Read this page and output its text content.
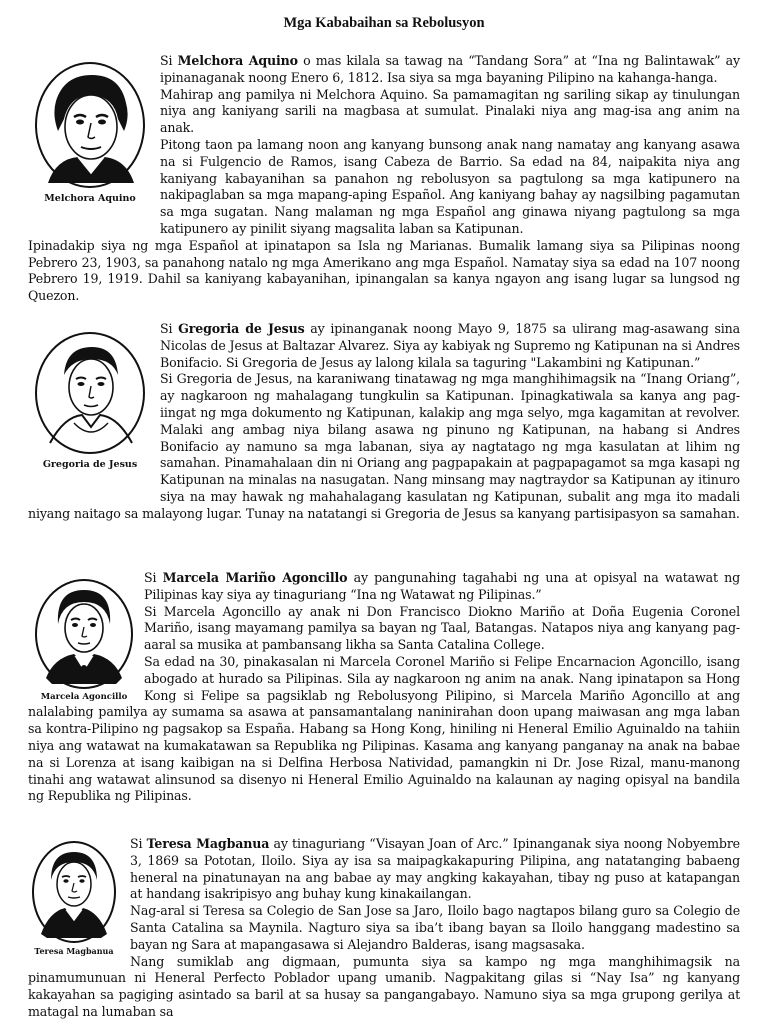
Mga Kababaihan sa Rebolusyon
Melchora Aquino

Si Melchora Aquino o mas kilala sa tawag na “Tandang Sora” at “Ina ng Balintawak” ay ipinanaganak noong Enero 6, 1812. Isa siya sa mga bayaning Pilipino na kahanga-hanga.

Mahirap ang pamilya ni Melchora Aquino. Sa pamamagitan ng sariling sikap ay tinulungan niya ang kaniyang sarili na magbasa at sumulat. Pinalaki niya ang mag-isa ang anim na anak.

Pitong taon pa lamang noon ang kanyang bunsong anak nang namatay ang kanyang asawa na si Fulgencio de Ramos, isang Cabeza de Barrio. Sa edad na 84, naipakita niya ang kaniyang kabayanihan sa panahon ng rebolusyon sa pagtulong sa mga katipunero na nakipaglaban sa mga mapang-aping Español. Ang kaniyang bahay ay nagsilbing pagamutan sa mga sugatan. Nang malaman ng mga Español ang ginawa niyang pagtulong sa mga katipunero ay pinilit siyang magsalita laban sa Katipunan.

Ipinadakip siya ng mga Español at ipinatapon sa Isla ng Marianas. Bumalik lamang siya sa Pilipinas noong Pebrero 23, 1903, sa panahong natalo ng mga Amerikano ang mga Español. Namatay siya sa edad na 107 noong Pebrero 19, 1919. Dahil sa kaniyang kabayanihan, ipinangalan sa kanya ngayon ang isang lugar sa lungsod ng Quezon.

Gregoria de Jesus

Si Gregoria de Jesus ay ipinanganak noong Mayo 9, 1875 sa ulirang mag-asawang sina Nicolas de Jesus at Baltazar Alvarez. Siya ay kabiyak ng Supremo ng Katipunan na si Andres Bonifacio. Si Gregoria de Jesus ay lalong kilala sa taguring "Lakambini ng Katipunan.”

Si Gregoria de Jesus, na karaniwang tinatawag ng mga manghihimagsik na “Inang Oriang”, ay nagkaroon ng mahalagang tungkulin sa Katipunan. Ipinagkatiwala sa kanya ang pag-iingat ng mga dokumento ng Katipunan, kalakip ang mga selyo, mga kagamitan at revolver. Malaki ang ambag niya bilang asawa ng pinuno ng Katipunan, na habang si Andres Bonifacio ay namuno sa mga labanan, siya ay nagtatago ng mga kasulatan at lihim ng samahan. Pinamahalaan din ni Oriang ang pagpapakain at pagpapagamot sa mga kasapi ng Katipunan na minalas na nasugatan. Nang minsang may nagtraydor sa Katipunan ay itinuro siya na may hawak ng mahahalagang kasulatan ng Katipunan, subalit ang mga ito madali niyang naitago sa malayong lugar. Tunay na natatangi si Gregoria de Jesus sa kanyang partisipasyon sa samahan.

Marcela Agoncillo

Si Marcela Mariño Agoncillo ay pangunahing tagahabi ng una at opisyal na watawat ng Pilipinas kay siya ay tinaguriang “Ina ng Watawat ng Pilipinas.”

Si Marcela Agoncillo ay anak ni Don Francisco Diokno Mariño at Doña Eugenia Coronel Mariño, isang mayamang pamilya sa bayan ng Taal, Batangas. Natapos niya ang kanyang pag-aaral sa musika at pambansang likha sa Santa Catalina College.

Sa edad na 30, pinakasalan ni Marcela Coronel Mariño si Felipe Encarnacion Agoncillo, isang abogado at hurado sa Pilipinas. Sila ay nagkaroon ng anim na anak. Nang ipinatapon sa Hong Kong si Felipe sa pagsiklab ng Rebolusyong Pilipino, si Marcela Mariño Agoncillo at ang nalalabing pamilya ay sumama sa asawa at pansamantalang naninirahan doon upang maiwasan ang mga laban sa kontra-Pilipino ng pagsakop sa España. Habang sa Hong Kong, hiniling ni Heneral Emilio Aguinaldo na tahiin niya ang watawat na kumakatawan sa Republika ng Pilipinas. Kasama ang kanyang panganay na anak na babae na si Lorenza at isang kaibigan na si Delfina Herbosa Natividad, pamangkin ni Dr. Jose Rizal, manu-manong tinahi ang watawat alinsunod sa disenyo ni Heneral Emilio Aguinaldo na kalaunan ay naging opisyal na bandila ng Republika ng Pilipinas.

Teresa Magbanua

Si Teresa Magbanua ay tinaguriang “Visayan Joan of Arc.” Ipinanganak siya noong Nobyembre 3, 1869 sa Pototan, Iloilo. Siya ay isa sa maipagkakapuring Pilipina, ang natatanging babaeng heneral na pinatunayan na ang babae ay may angking kakayahan, tibay ng puso at katapangan at handang isakripisyo ang buhay kung kinakailangan.

Nag-aral si Teresa sa Colegio de San Jose sa Jaro, Iloilo bago nagtapos bilang guro sa Colegio de Santa Catalina sa Maynila. Nagturo siya sa iba’t ibang bayan sa Iloilo hanggang madestino sa bayan ng Sara at mapangasawa si Alejandro Balderas, isang magsasaka.

Nang sumiklab ang digmaan, pumunta siya sa kampo ng mga manghihimagsik na pinamumunuan ni Heneral Perfecto Poblador upang umanib. Nagpakitang gilas si “Nay Isa” ng kanyang kakayahan sa pagiging asintado sa baril at sa husay sa pangangabayo. Namuno siya sa mga grupong gerilya at matagal na lumaban sa
